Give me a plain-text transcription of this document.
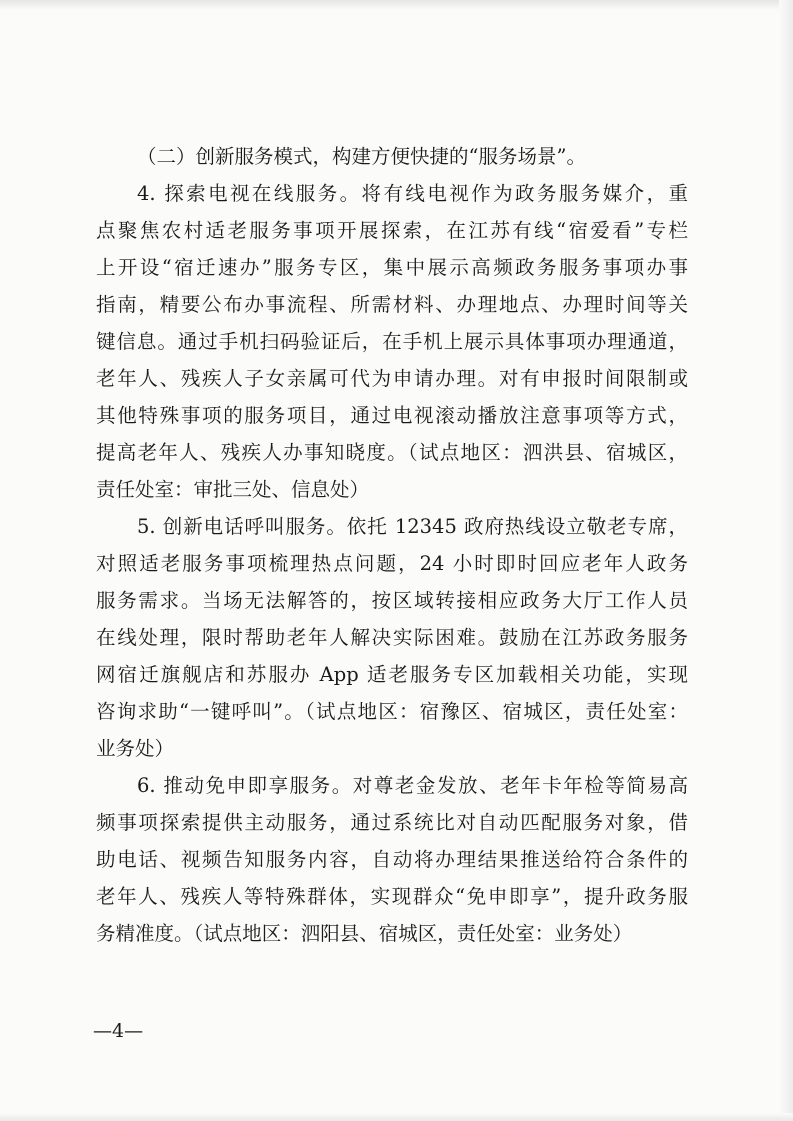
（二）创新服务模式，构建方便快捷的“服务场景”。
4. 探索电视在线服务。将有线电视作为政务服务媒介，重
点聚焦农村适老服务事项开展探索，在江苏有线“宿爱看”专栏
上开设“宿迁速办”服务专区，集中展示高频政务服务事项办事
指南，精要公布办事流程、所需材料、办理地点、办理时间等关
键信息。通过手机扫码验证后，在手机上展示具体事项办理通道，
老年人、残疾人子女亲属可代为申请办理。对有申报时间限制或
其他特殊事项的服务项目，通过电视滚动播放注意事项等方式，
提高老年人、残疾人办事知晓度。（试点地区：泗洪县、宿城区，
责任处室：审批三处、信息处）
5. 创新电话呼叫服务。依托 12345 政府热线设立敬老专席，
对照适老服务事项梳理热点问题，24 小时即时回应老年人政务
服务需求。当场无法解答的，按区域转接相应政务大厅工作人员
在线处理，限时帮助老年人解决实际困难。鼓励在江苏政务服务
网宿迁旗舰店和苏服办 App 适老服务专区加载相关功能，实现
咨询求助“一键呼叫”。（试点地区：宿豫区、宿城区，责任处室：
业务处）
6. 推动免申即享服务。对尊老金发放、老年卡年检等简易高
频事项探索提供主动服务，通过系统比对自动匹配服务对象，借
助电话、视频告知服务内容，自动将办理结果推送给符合条件的
老年人、残疾人等特殊群体，实现群众“免申即享”，提升政务服
务精准度。（试点地区：泗阳县、宿城区，责任处室：业务处）
—4—
